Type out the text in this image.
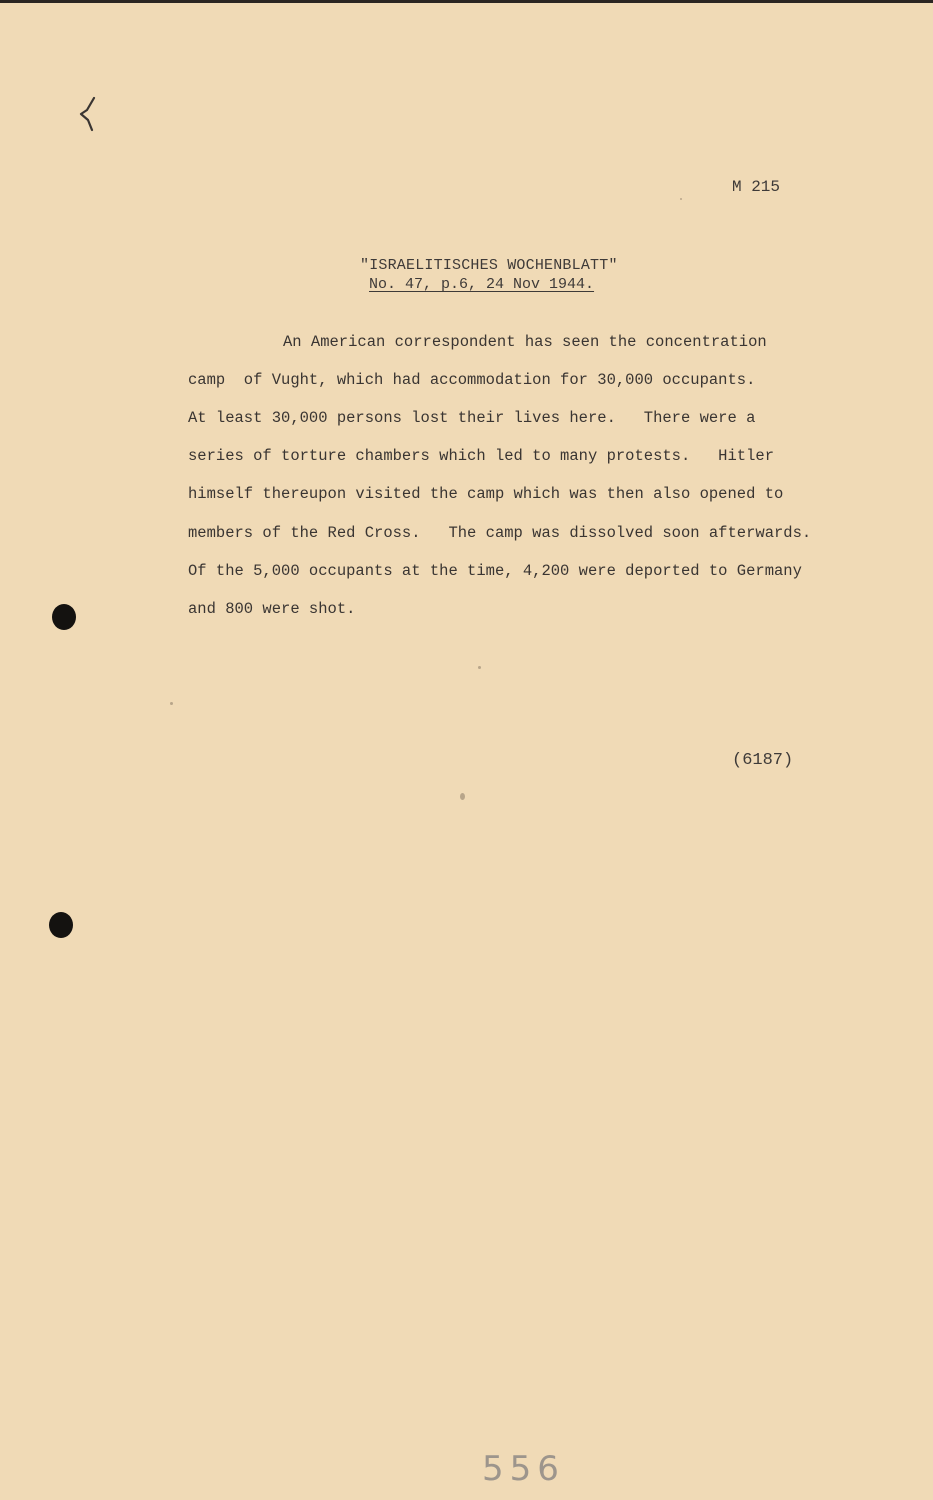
M 215
"ISRAELITISCHES WOCHENBLATT"
No. 47, p.6, 24 Nov 1944.
An American correspondent has seen the concentration
camp  of Vught, which had accommodation for 30,000 occupants.
At least 30,000 persons lost their lives here.   There were a
series of torture chambers which led to many protests.   Hitler
himself thereupon visited the camp which was then also opened to
members of the Red Cross.   The camp was dissolved soon afterwards.
Of the 5,000 occupants at the time, 4,200 were deported to Germany
and 800 were shot.
(6187)
556
